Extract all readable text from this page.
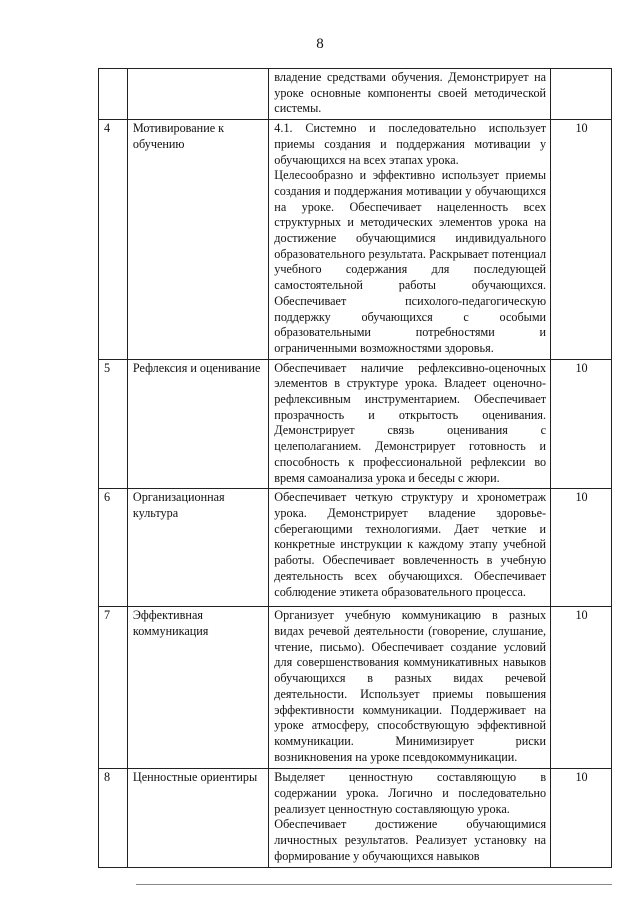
8

		владение средствами обучения. Демонстрирует на уроке основные компоненты своей методической системы.	

4	Мотивирование к обучению	4.1. Системно и последовательно использует приемы создания и поддержания мотивации у обучающихся на всех этапах урока.
Целесообразно и эффективно использует приемы создания и поддержания мотивации у обучающихся на уроке. Обеспечивает нацеленность всех структурных и методических элементов урока на достижение обучающимися индивидуального образовательного результата. Раскрывает потенциал учебного содержания для последующей самостоятельной работы обучающихся. Обеспечивает психолого-педагогическую поддержку обучающихся с особыми образовательными потребностями и ограниченными возможностями здоровья.	10
5	Рефлексия и оценивание	Обеспечивает наличие рефлексивно-оценочных элементов в структуре урока. Владеет оценочно-рефлексивным инструментарием. Обеспечивает прозрачность и открытость оценивания. Демонстрирует связь оценивания с целеполаганием. Демонстрирует готовность и способность к профессиональной рефлексии во время самоанализа урока и беседы с жюри.	10
6	Организационная культура	Обеспечивает четкую структуру и хронометраж урока. Демонстрирует владение здоровье-сберегающими технологиями. Дает четкие и конкретные инструкции к каждому этапу учебной работы. Обеспечивает вовлеченность в учебную деятельность всех обучающихся. Обеспечивает соблюдение этикета образовательного процесса.	10
7	Эффективная коммуникация	Организует учебную коммуникацию в разных видах речевой деятельности (говорение, слушание, чтение, письмо). Обеспечивает создание условий для совершенствования коммуникативных навыков обучающихся в разных видах речевой деятельности. Использует приемы повышения эффективности коммуникации. Поддерживает на уроке атмосферу, способствующую эффективной коммуникации. Минимизирует риски возникновения на уроке псевдокоммуникации.	10
8	Ценностные ориентиры	Выделяет ценностную составляющую в содержании урока. Логично и последовательно реализует ценностную составляющую урока.
Обеспечивает достижение обучающимися личностных результатов. Реализует установку на формирование у обучающихся навыков	10
